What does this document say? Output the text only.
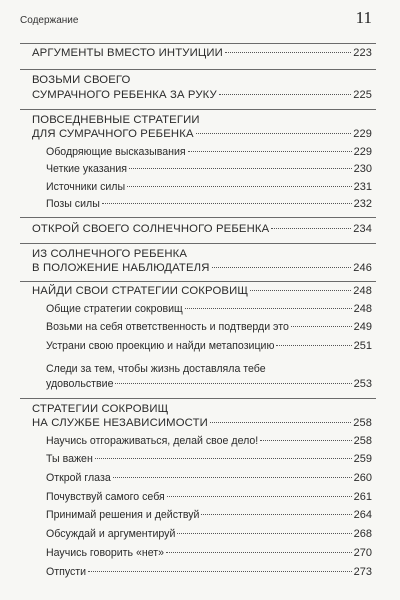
Содержание	11
АРГУМЕНТЫ ВМЕСТО ИНТУИЦИИ	223
ВОЗЬМИ СВОЕГО
СУМРАЧНОГО РЕБЕНКА ЗА РУКУ	225
ПОВСЕДНЕВНЫЕ СТРАТЕГИИ
ДЛЯ СУМРАЧНОГО РЕБЕНКА	229
Ободряющие высказывания	229
Четкие указания	230
Источники силы	231
Позы силы	232
ОТКРОЙ СВОЕГО СОЛНЕЧНОГО РЕБЕНКА	234
ИЗ СОЛНЕЧНОГО РЕБЕНКА
В ПОЛОЖЕНИЕ НАБЛЮДАТЕЛЯ	246
НАЙДИ СВОИ СТРАТЕГИИ СОКРОВИЩ	248
Общие стратегии сокровищ	248
Возьми на себя ответственность и подтверди это	249
Устрани свою проекцию и найди метапозицию	251
Следи за тем, чтобы жизнь доставляла тебе
удовольствие	253
СТРАТЕГИИ СОКРОВИЩ
НА СЛУЖБЕ НЕЗАВИСИМОСТИ	258
Научись отгораживаться, делай свое дело!	258
Ты важен	259
Открой глаза	260
Почувствуй самого себя	261
Принимай решения и действуй	264
Обсуждай и аргументируй	268
Научись говорить «нет»	270
Отпусти	273
